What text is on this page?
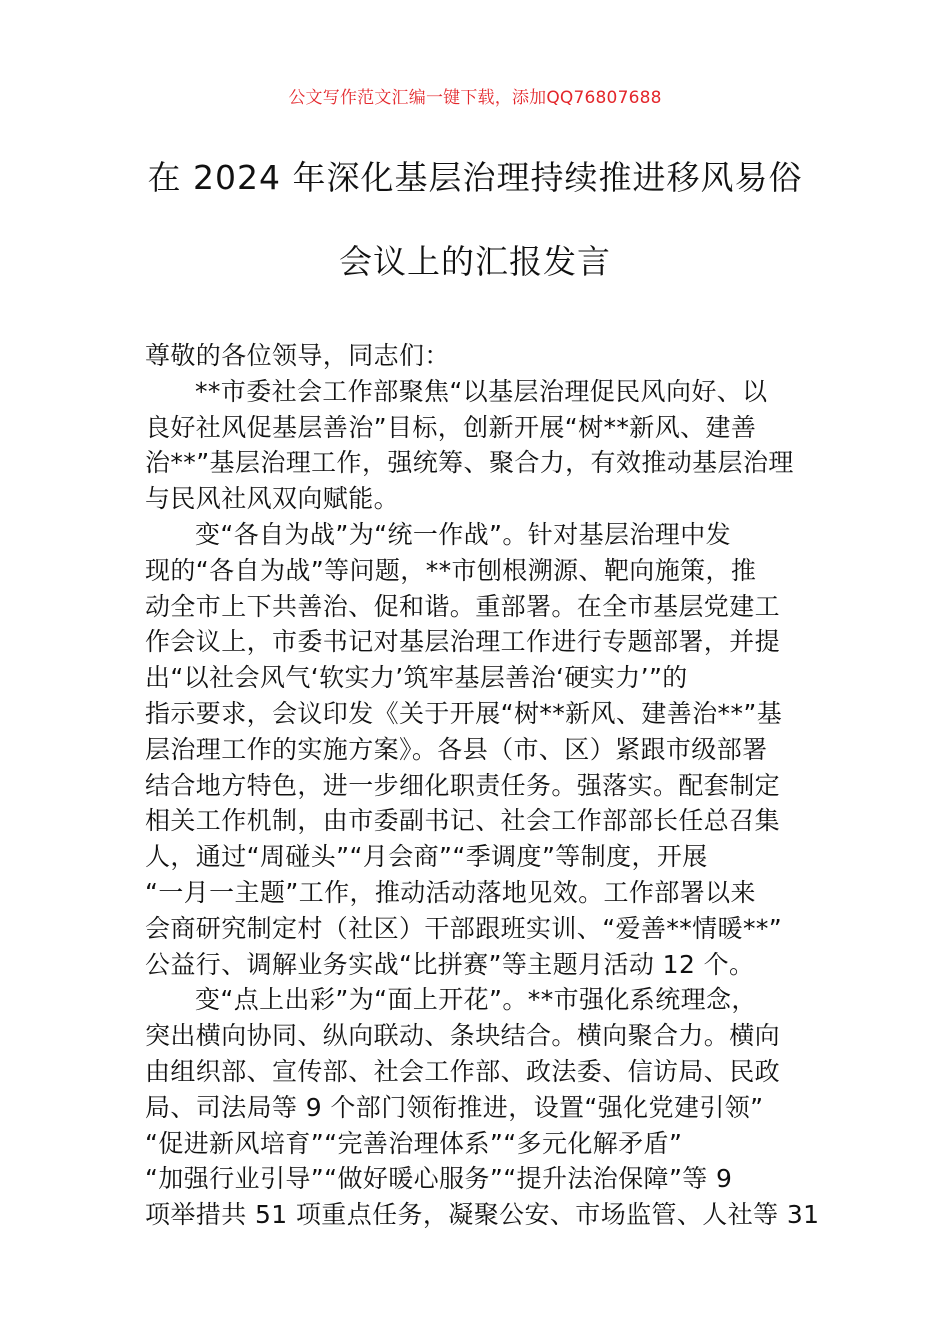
公文写作范文汇编一键下载，添加QQ76807688
在 2024 年深化基层治理持续推进移风易俗
会议上的汇报发言
尊敬的各位领导，同志们：
**市委社会工作部聚焦“以基层治理促民风向好、以
良好社风促基层善治”目标，创新开展“树**新风、建善
治**”基层治理工作，强统筹、聚合力，有效推动基层治理
与民风社风双向赋能。
变“各自为战”为“统一作战”。针对基层治理中发
现的“各自为战”等问题，**市刨根溯源、靶向施策，推
动全市上下共善治、促和谐。重部署。在全市基层党建工
作会议上，市委书记对基层治理工作进行专题部署，并提
出“以社会风气‘软实力’筑牢基层善治‘硬实力’”的
指示要求，会议印发《关于开展“树**新风、建善治**”基
层治理工作的实施方案》。各县（市、区）紧跟市级部署
结合地方特色，进一步细化职责任务。强落实。配套制定
相关工作机制，由市委副书记、社会工作部部长任总召集
人，通过“周碰头”“月会商”“季调度”等制度，开展
“一月一主题”工作，推动活动落地见效。工作部署以来
会商研究制定村（社区）干部跟班实训、“爱善**情暖**”
公益行、调解业务实战“比拼赛”等主题月活动 12 个。
变“点上出彩”为“面上开花”。**市强化系统理念，
突出横向协同、纵向联动、条块结合。横向聚合力。横向
由组织部、宣传部、社会工作部、政法委、信访局、民政
局、司法局等 9 个部门领衔推进，设置“强化党建引领”
“促进新风培育”“完善治理体系”“多元化解矛盾”
“加强行业引导”“做好暖心服务”“提升法治保障”等 9
项举措共 51 项重点任务，凝聚公安、市场监管、人社等 31
